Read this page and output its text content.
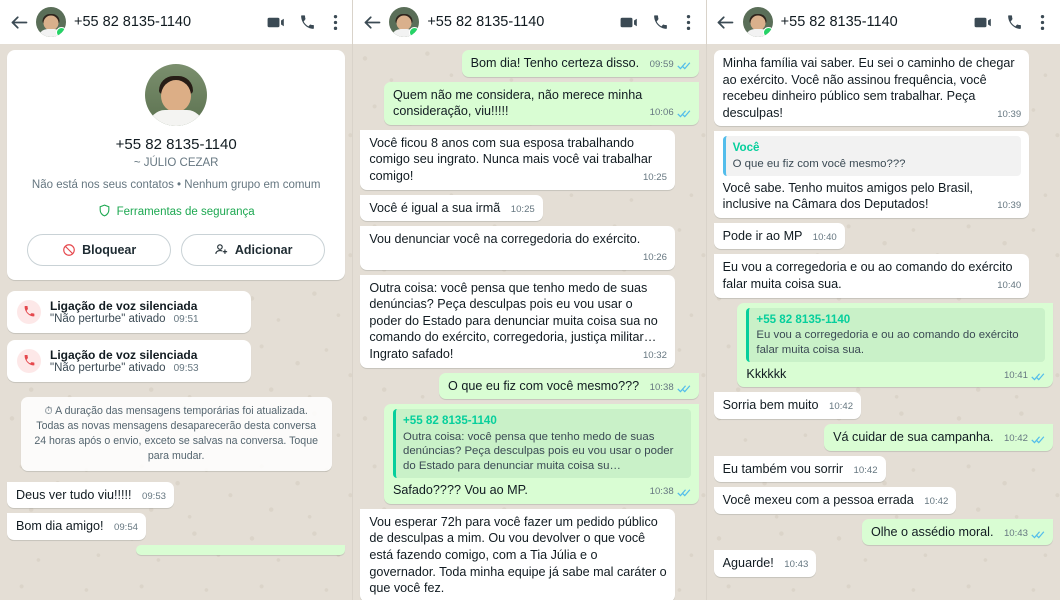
+55 82 8135-1140
+55 82 8135-1140
~ JÚLIO CEZAR
Não está nos seus contatos • Nenhum grupo em comum
Ferramentas de segurança
Bloquear	Adicionar
Ligação de voz silenciada
"Não perturbe" ativado 09:51
Ligação de voz silenciada
"Não perturbe" ativado 09:53
⏱ A duração das mensagens temporárias foi atualizada. Todas as novas mensagens desaparecerão desta conversa 24 horas após o envio, exceto se salvas na conversa. Toque para mudar.
Deus ver tudo viu!!!!! 09:53
Bom dia amigo! 09:54
+55 82 8135-1140
Bom dia! Tenho certeza disso. 09:59
Quem não me considera, não merece minha consideração, viu!!!!!	10:06
Você ficou 8 anos com sua esposa trabalhando comigo seu ingrato. Nunca mais você vai trabalhar comigo!	10:25
Você é igual a sua irmã 10:25
Vou denunciar você na corregedoria do exército.
10:26
Outra coisa: você pensa que tenho medo de suas denúncias? Peça desculpas pois eu vou usar o poder do Estado para denunciar muita coisa sua no comando do exército, corregedoria, justiça militar… Ingrato safado!	10:32
O que eu fiz com você mesmo??? 10:38
+55 82 8135-1140
Outra coisa: você pensa que tenho medo de suas denúncias? Peça desculpas pois eu vou usar o poder do Estado para denunciar muita coisa su…
Safado???? Vou ao MP.	10:38
Vou esperar 72h para você fazer um pedido público de desculpas a mim. Ou vou devolver o que você está fazendo comigo, com a Tia Júlia e o governador. Toda minha equipe já sabe mal caráter o que você fez.
+55 82 8135-1140
Minha família vai saber. Eu sei o caminho de chegar ao exército. Você não assinou frequência, você recebeu dinheiro público sem trabalhar. Peça desculpas!	10:39
Você
O que eu fiz com você mesmo???
Você sabe. Tenho muitos amigos pelo Brasil, inclusive na Câmara dos Deputados!	10:39
Pode ir ao MP 10:40
Eu vou a corregedoria e ou ao comando do exército falar muita coisa sua.	10:40
+55 82 8135-1140
Eu vou a corregedoria e ou ao comando do exército falar muita coisa sua.
Kkkkkk	10:41
Sorria bem muito 10:42
Vá cuidar de sua campanha. 10:42
Eu também vou sorrir 10:42
Você mexeu com a pessoa errada 10:42
Olhe o assédio moral. 10:43
Aguarde! 10:43
